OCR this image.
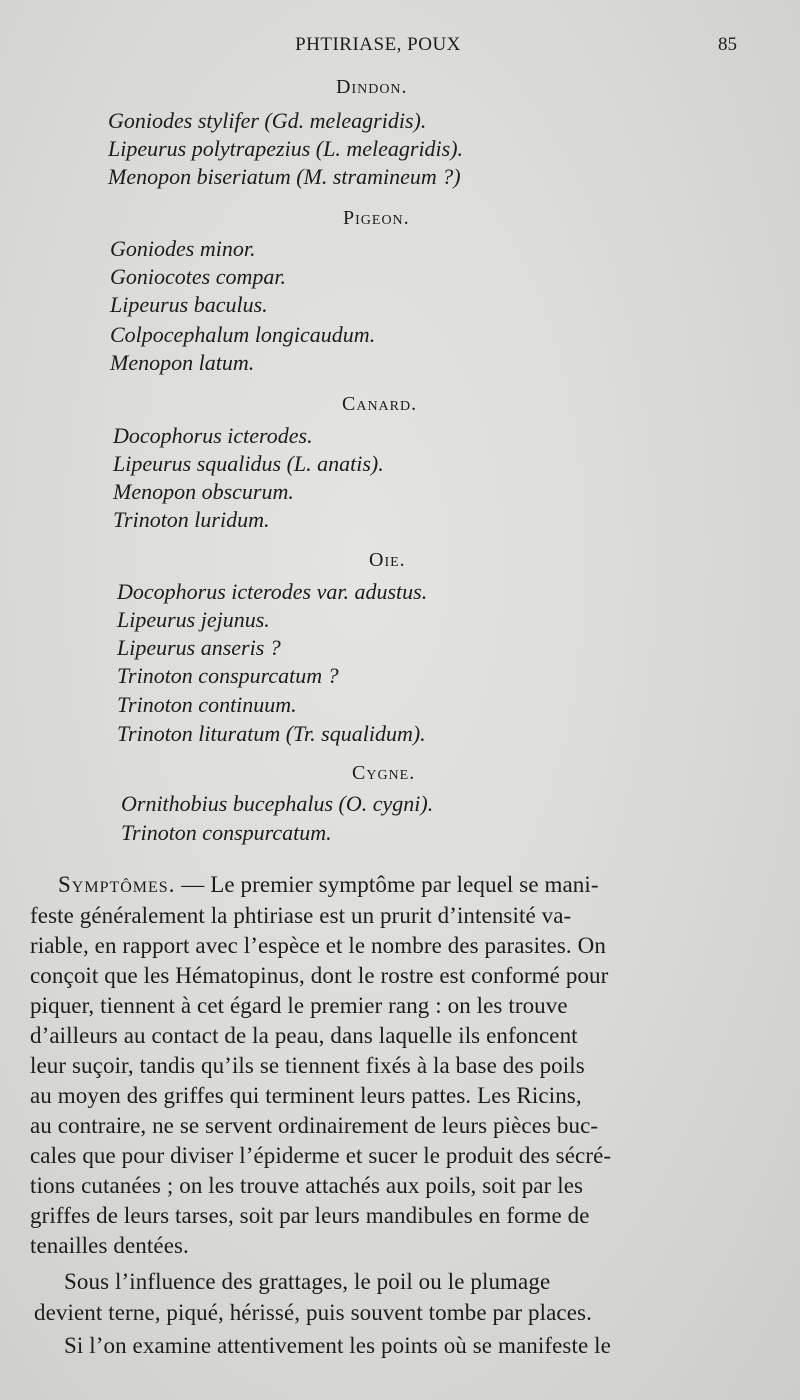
PHTIRIASE, POUX	85
Dindon.
Goniodes stylifer (Gd. meleagridis).
Lipeurus polytrapezius (L. meleagridis).
Menopon biseriatum (M. stramineum ?)
Pigeon.
Goniodes minor.
Goniocotes compar.
Lipeurus baculus.
Colpocephalum longicaudum.
Menopon latum.
Canard.
Docophorus icterodes.
Lipeurus squalidus (L. anatis).
Menopon obscurum.
Trinoton luridum.
Oie.
Docophorus icterodes var. adustus.
Lipeurus jejunus.
Lipeurus anseris ?
Trinoton conspurcatum ?
Trinoton continuum.
Trinoton lituratum (Tr. squalidum).
Cygne.
Ornithobius bucephalus (O. cygni).
Trinoton conspurcatum.
Symptômes. — Le premier symptôme par lequel se mani-
feste généralement la phtiriase est un prurit d’intensité va-
riable, en rapport avec l’espèce et le nombre des parasites. On
conçoit que les Hématopinus, dont le rostre est conformé pour
piquer, tiennent à cet égard le premier rang : on les trouve
d’ailleurs au contact de la peau, dans laquelle ils enfoncent
leur suçoir, tandis qu’ils se tiennent fixés à la base des poils
au moyen des griffes qui terminent leurs pattes. Les Ricins,
au contraire, ne se servent ordinairement de leurs pièces buc-
cales que pour diviser l’épiderme et sucer le produit des sécré-
tions cutanées ; on les trouve attachés aux poils, soit par les
griffes de leurs tarses, soit par leurs mandibules en forme de
tenailles dentées.
Sous l’influence des grattages, le poil ou le plumage
devient terne, piqué, hérissé, puis souvent tombe par places.
Si l’on examine attentivement les points où se manifeste le
